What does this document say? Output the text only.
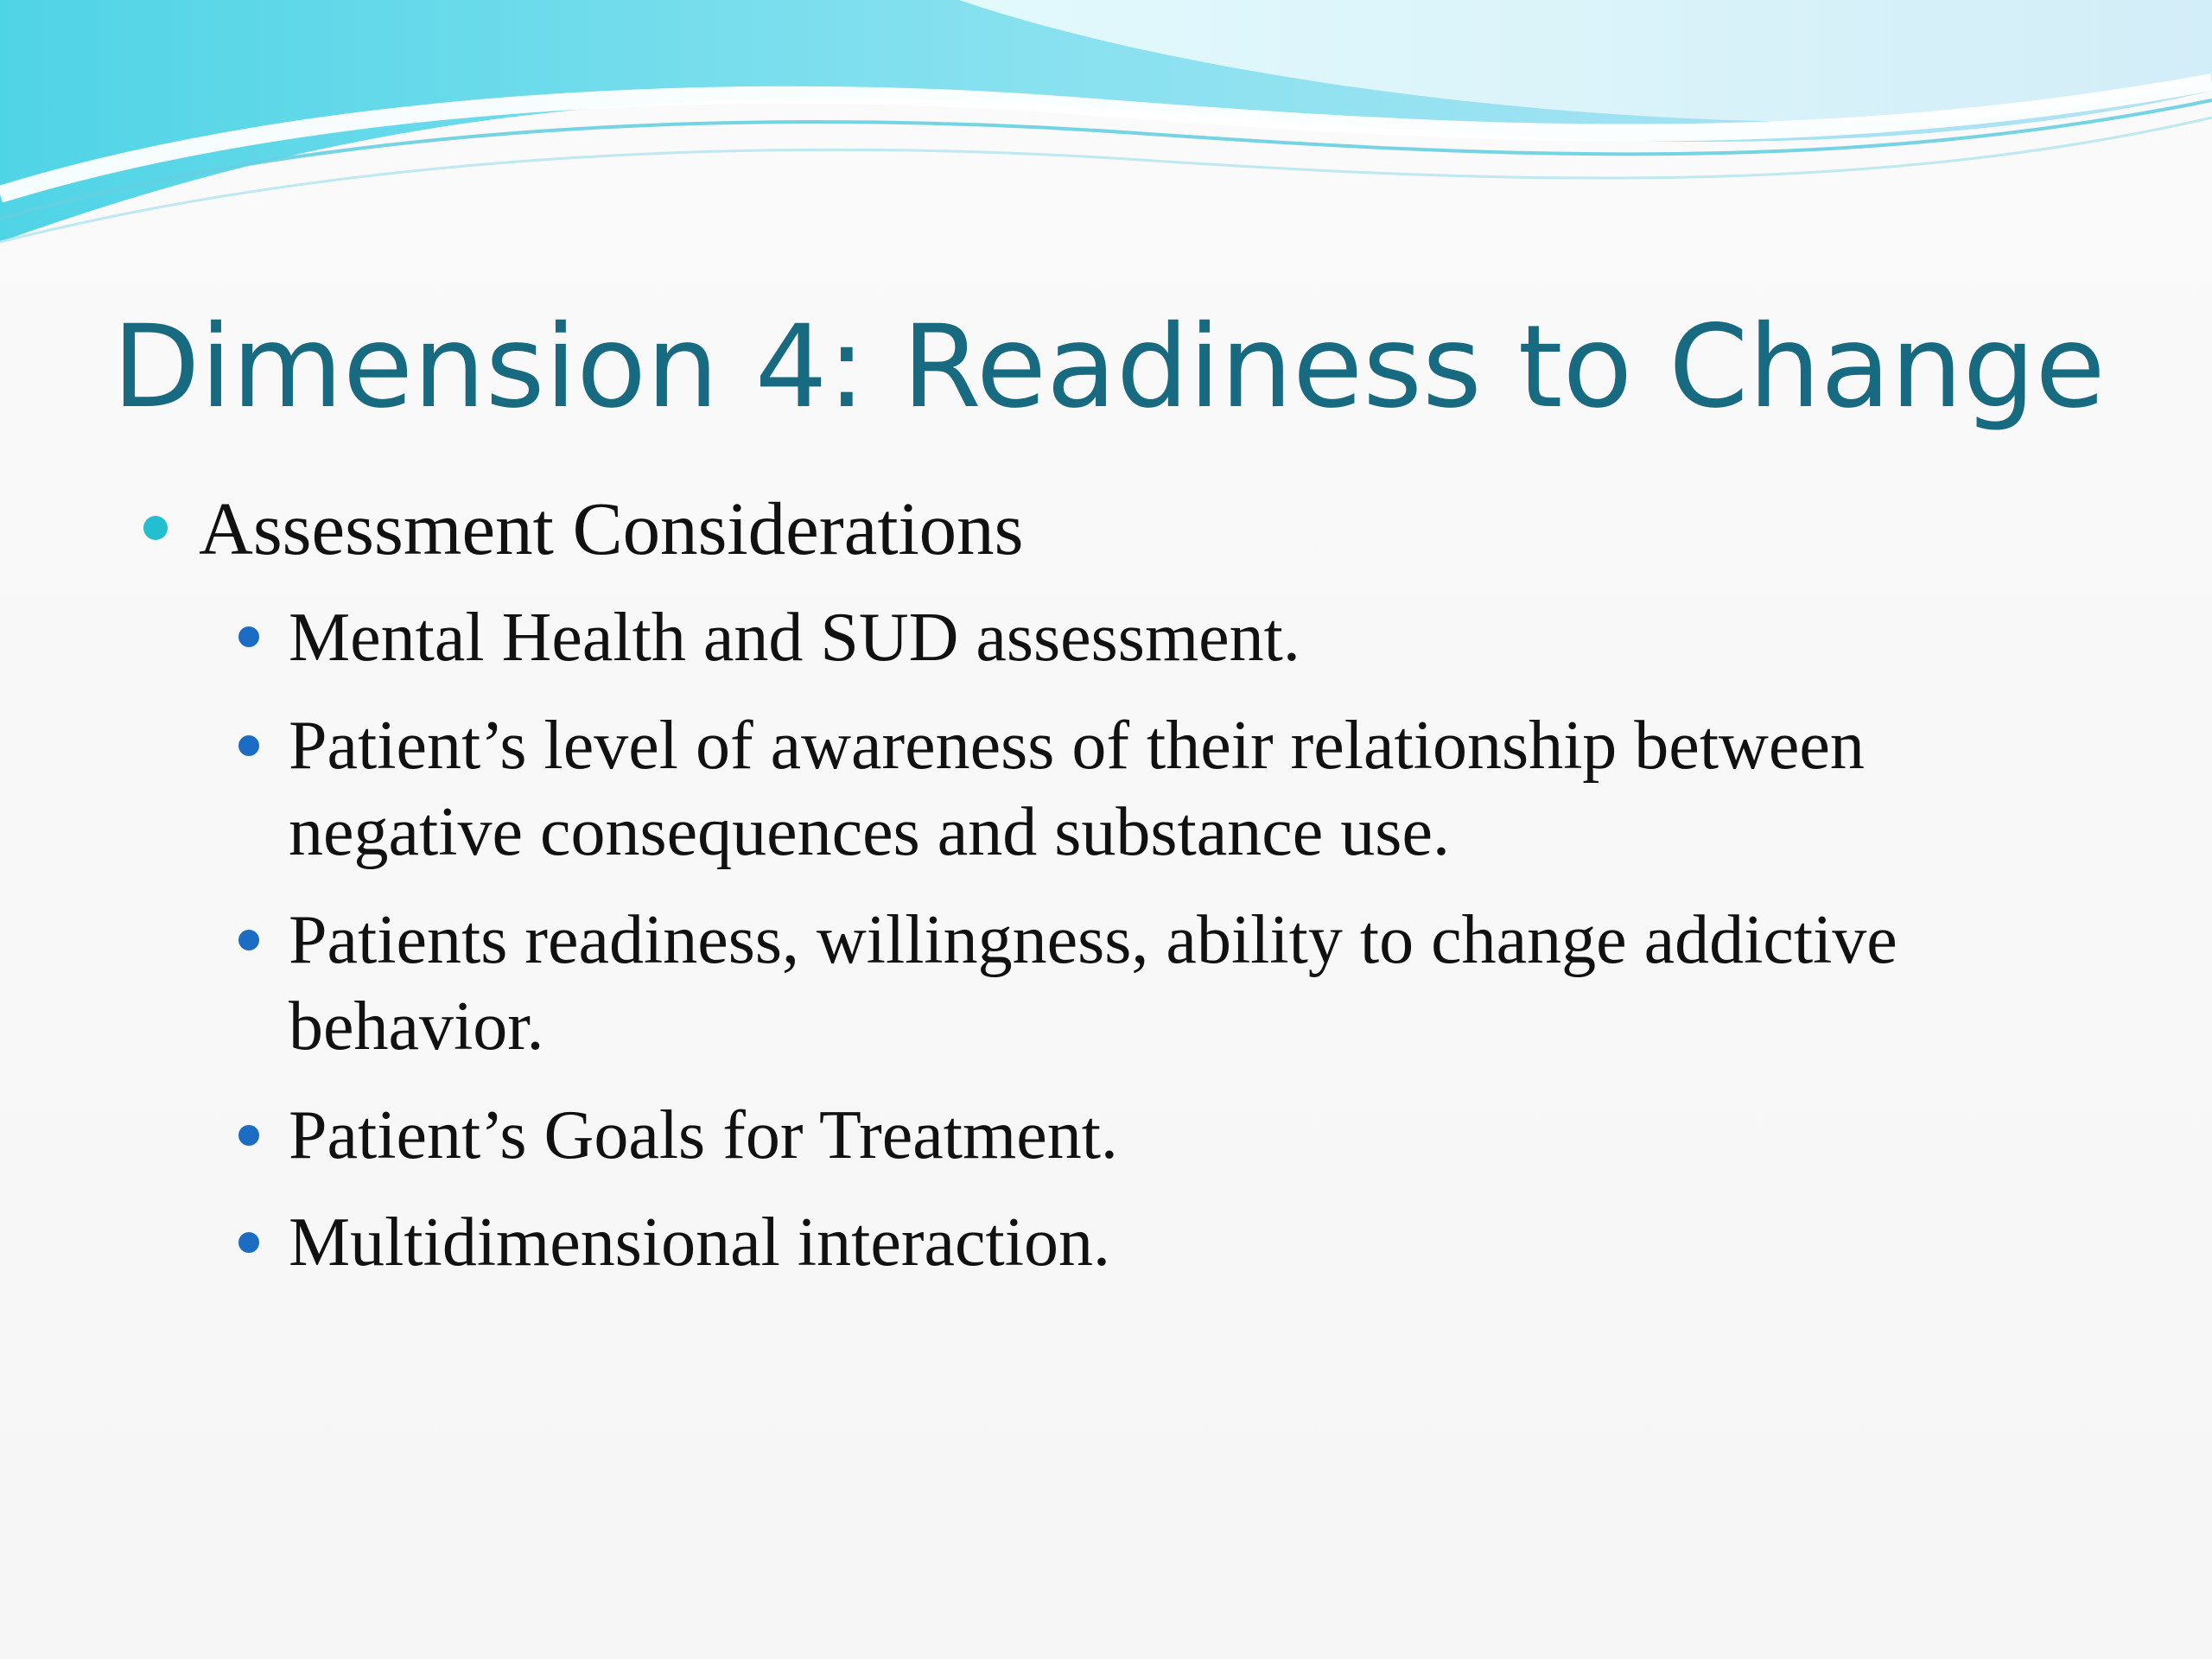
Dimension 4: Readiness to Change
Assessment Considerations
Mental Health and SUD assessment.
Patient’s level of awareness of their relationship between negative consequences and substance use.
Patients readiness, willingness, ability to change addictive behavior.
Patient’s Goals for Treatment.
Multidimensional interaction.
